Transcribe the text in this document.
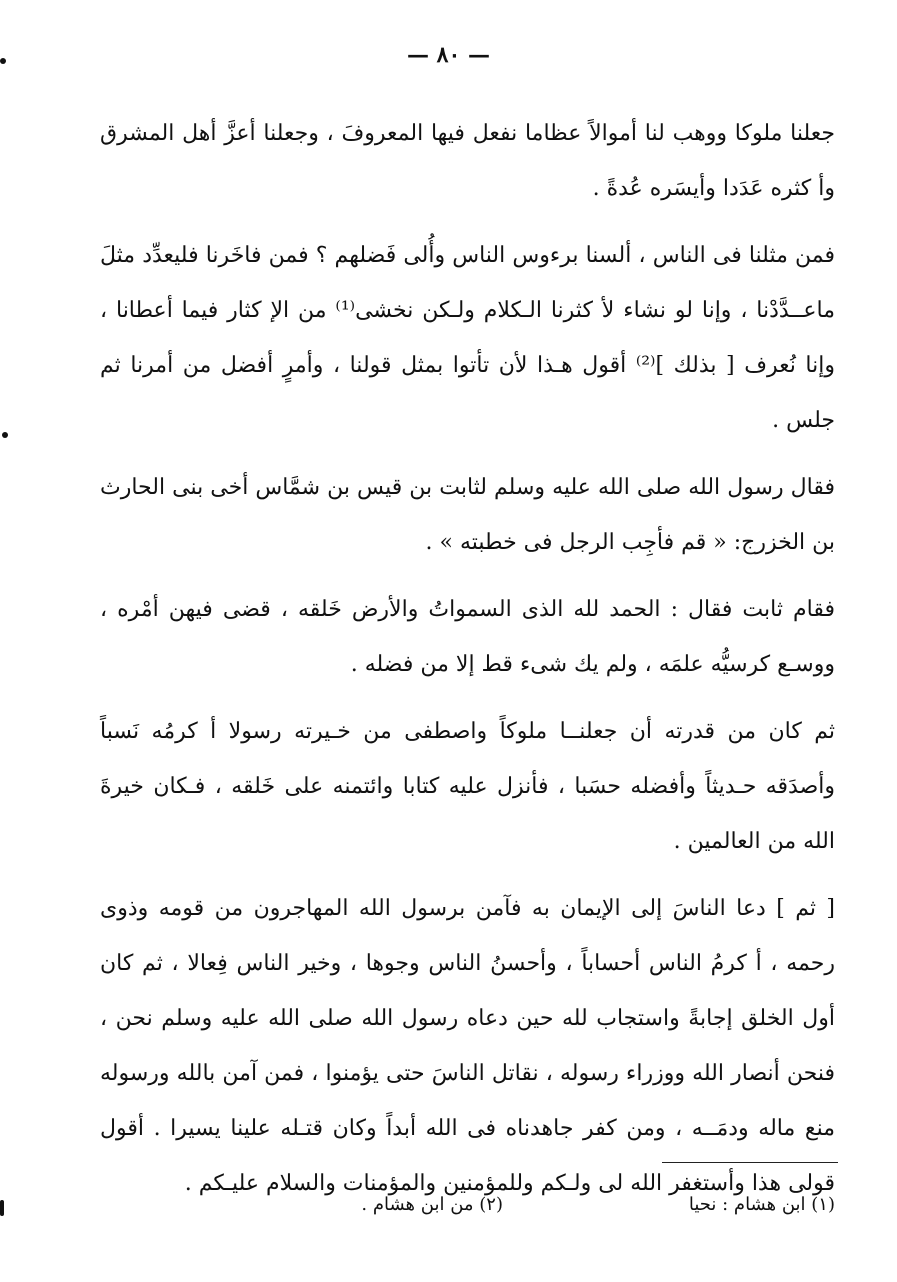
— ٨٠ —

جعلنا ملوكا ووهب لنا أموالاً عظاما نفعل فيها المعروفَ ، وجعلنا أعزَّ أهل المشرق وأ كثره عَدَدا وأيسَره عُدةً .

فمن مثلنا فى الناس ، ألسنا برءوس الناس وأُلى فَضلهم ؟ فمن فاخَرنا فليعدِّد مثلَ ماعــدَّدْنا ، وإنا لو نشاء لأ كثرنا الـكلام ولـكن نخشى⁽¹⁾ من الإ كثار فيما أعطانا ، وإنا نُعرف [ بذلك ]⁽²⁾ أقول هـذا لأن تأتوا بمثل قولنا ، وأمرٍ أفضل من أمرنا ثم جلس .

فقال رسول الله صلى الله عليه وسلم لثابت بن قيس بن شمَّاس أخى بنى الحارث بن الخزرج: « قم فأجِب الرجل فى خطبته » .

فقام ثابت فقال : الحمد لله الذى السمواتُ والأرض خَلقه ، قضى فيهن أمْره ، ووسـع كرسيُّه علمَه ، ولم يك شىء قط إلا من فضله .

ثم كان من قدرته أن جعلنــا ملوكاً واصطفى من خـيرته رسولا أ كرمُه نَسباً وأصدَقه حـديثاً وأفضله حسَبا ، فأنزل عليه كتابا وائتمنه على خَلقه ، فـكان خيرةَ الله من العالمين .

[ ثم ] دعا الناسَ إلى الإيمان به فآمن برسول الله المهاجرون من قومه وذوى رحمه ، أ كرمُ الناس أحساباً ، وأحسنُ الناس وجوها ، وخير الناس فِعالا ، ثم كان أول الخلق إجابةً واستجاب لله حين دعاه رسول الله صلى الله عليه وسلم نحن ، فنحن أنصار الله ووزراء رسوله ، نقاتل الناسَ حتى يؤمنوا ، فمن آمن بالله ورسوله منع ماله ودمَــه ، ومن كفر جاهدناه فى الله أبداً وكان قتـله علينا يسيرا . أقول قولى هذا وأستغفر الله لى ولـكم وللمؤمنين والمؤمنات والسلام عليـكم .

(١) ابن هشام : نحيا
(٢) من ابن هشام .
